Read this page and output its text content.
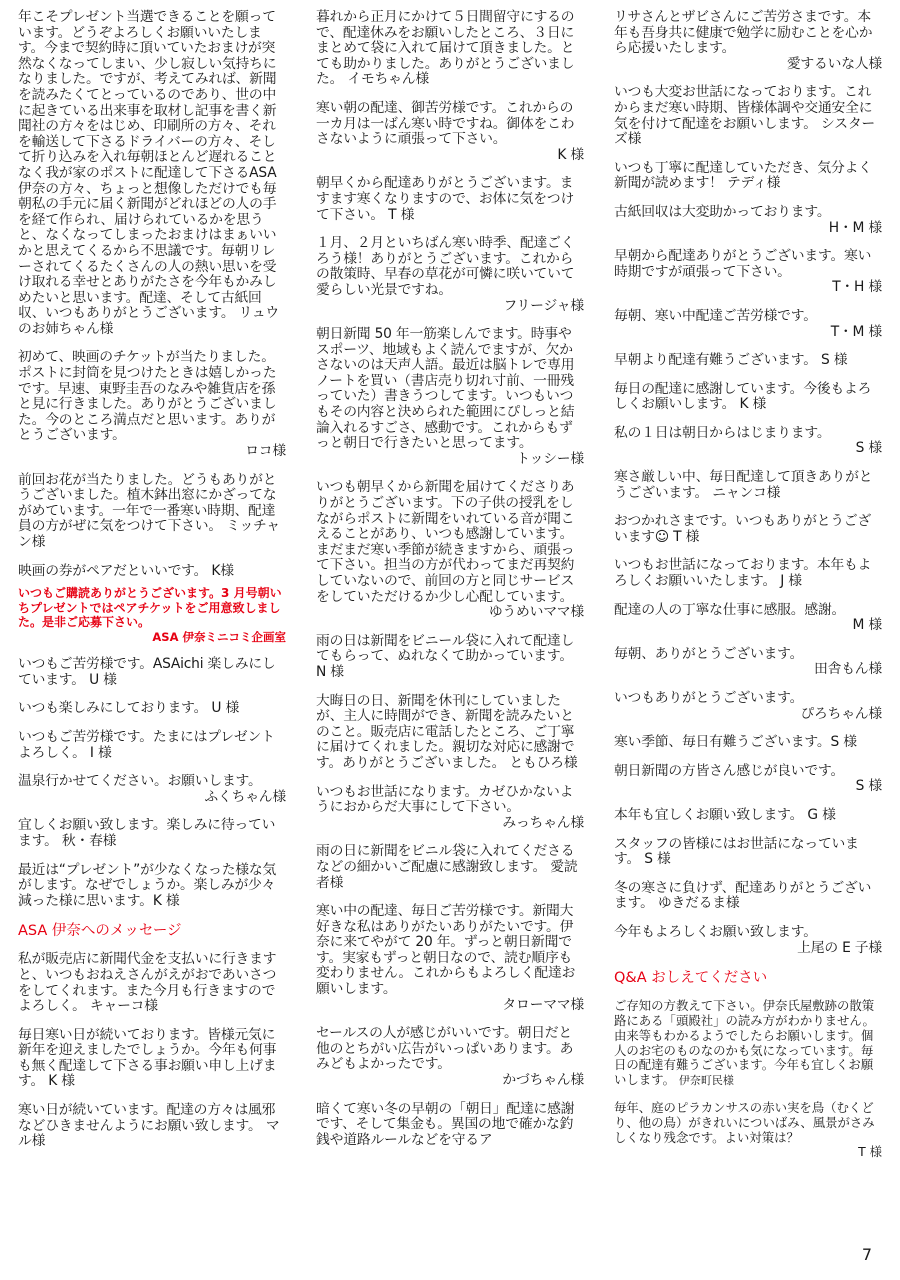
年こそプレゼント当選できることを願っています。どうぞよろしくお願いいたします。今まで契約時に頂いていたおまけが突然なくなってしまい、少し寂しい気持ちになりました。ですが、考えてみれば、新聞を読みたくてとっているのであり、世の中に起きている出来事を取材し記事を書く新聞社の方々をはじめ、印刷所の方々、それを輸送して下さるドライバーの方々、そして折り込みを入れ毎朝ほとんど遅れることなく我が家のポストに配達して下さるASA伊奈の方々、ちょっと想像しただけでも毎朝私の手元に届く新聞がどれほどの人の手を経て作られ、届けられているかを思うと、なくなってしまったおまけはまぁいいかと思えてくるから不思議です。毎朝リレーされてくるたくさんの人の熱い思いを受け取れる幸せとありがたさを今年もかみしめたいと思います。配達、そして古紙回収、いつもありがとうございます。 リュウのお姉ちゃん様
初めて、映画のチケットが当たりました。ポストに封筒を見つけたときは嬉しかったです。早速、東野圭吾のなみや雑貨店を孫と見に行きました。ありがとうございました。今のところ満点だと思います。ありがとうございます。
ロコ様
前回お花が当たりました。どうもありがとうございました。植木鉢出窓にかざってながめています。一年で一番寒い時期、配達員の方がぜに気をつけて下さい。 ミッチャン様
映画の券がペアだといいです。 K様
いつもご購読ありがとうございます。3 月号朝いちプレゼントではペアチケットをご用意致しました。是非ご応募下さい。
ASA 伊奈ミニコミ企画室
いつもご苦労様です。ASAichi 楽しみにしています。 U 様
いつも楽しみにしております。 U 様
いつもご苦労様です。たまにはプレゼントよろしく。 I 様
温泉行かせてください。お願いします。
ふくちゃん様
宜しくお願い致します。楽しみに待っています。 秋・春様
最近は“プレゼント”が少なくなった様な気がします。なぜでしょうか。楽しみが少々減った様に思います。K 様
ASA 伊奈へのメッセージ
私が販売店に新聞代金を支払いに行きますと、いつもおねえさんがえがおであいさつをしてくれます。また今月も行きますのでよろしく。 キャーコ様
毎日寒い日が続いております。皆様元気に新年を迎えましたでしょうか。今年も何事も無く配達して下さる事お願い申し上げます。 K 様
寒い日が続いています。配達の方々は風邪などひきませんようにお願い致します。 マル様
暮れから正月にかけて５日間留守にするので、配達休みをお願いしたところ、３日にまとめて袋に入れて届けて頂きました。とても助かりました。ありがとうございました。 イモちゃん様
寒い朝の配達、御苦労様です。これからの一カ月は一ばん寒い時ですね。御体をこわさないように頑張って下さい。
K 様
朝早くから配達ありがとうございます。ますます寒くなりますので、お体に気をつけて下さい。 T 様
１月、２月といちばん寒い時季、配達ごくろう様！ありがとうございます。これからの散策時、早春の草花が可憐に咲いていて愛らしい光景ですね。
フリージャ様
朝日新聞 50 年一筋楽しんでます。時事やスポーツ、地域もよく読んでますが、欠かさないのは天声人語。最近は脳トレで専用ノートを買い（書店売り切れ寸前、一冊残っていた）書きうつしてます。いつもいつもその内容と決められた範囲にぴしっと結論入れるすごさ、感動です。これからもずっと朝日で行きたいと思ってます。
トッシー様
いつも朝早くから新聞を届けてくださりありがとうございます。下の子供の授乳をしながらポストに新聞をいれている音が聞こえることがあり、いつも感謝しています。まだまだ寒い季節が続きますから、頑張って下さい。担当の方が代わってまだ再契約していないので、前回の方と同じサービスをしていただけるか少し心配しています。
ゆうめいママ様
雨の日は新聞をビニール袋に入れて配達してもらって、ぬれなくて助かっています。 N 様
大晦日の日、新聞を休刊にしていましたが、主人に時間ができ、新聞を読みたいとのこと。販売店に電話したところ、ご丁寧に届けてくれました。親切な対応に感謝です。ありがとうございました。 ともひろ様
いつもお世話になります。カゼひかないようにおからだ大事にして下さい。
みっちゃん様
雨の日に新聞をビニル袋に入れてくださるなどの細かいご配慮に感謝致します。 愛読者様
寒い中の配達、毎日ご苦労様です。新聞大好きな私はありがたいありがたいです。伊奈に来てやがて 20 年。ずっと朝日新聞です。実家もずっと朝日なので、読む順序も変わりません。これからもよろしく配達お願いします。
タローママ様
セールスの人が感じがいいです。朝日だと他のとちがい広告がいっぱいあります。あみどもよかったです。
かづちゃん様
暗くて寒い冬の早朝の「朝日」配達に感謝です、そして集金も。異国の地で確かな釣銭や道路ルールなどを守るア
リサさんとザビさんにご苦労さまです。本年も吾身共に健康で勉学に励むことを心から応援いたします。
愛するいな人様
いつも大変お世話になっております。これからまだ寒い時期、皆様体調や交通安全に気を付けて配達をお願いします。 シスターズ様
いつも丁寧に配達していただき、気分よく新聞が読めます！ テディ様
古紙回収は大変助かっております。
H・M 様
早朝から配達ありがとうございます。寒い時期ですが頑張って下さい。
T・H 様
毎朝、寒い中配達ご苦労様です。
T・M 様
早朝より配達有難うございます。 S 様
毎日の配達に感謝しています。今後もよろしくお願いします。 K 様
私の１日は朝日からはじまります。
S 様
寒さ厳しい中、毎日配達して頂きありがとうございます。 ニャンコ様
おつかれさまです。いつもありがとうございます☺ T 様
いつもお世話になっております。本年もよろしくお願いいたします。 J 様
配達の人の丁寧な仕事に感服。感謝。
M 様
毎朝、ありがとうございます。
田舎もん様
いつもありがとうございます。
ぴろちゃん様
寒い季節、毎日有難うございます。S 様
朝日新聞の方皆さん感じが良いです。
S 様
本年も宜しくお願い致します。 G 様
スタッフの皆様にはお世話になっています。 S 様
冬の寒さに負けず、配達ありがとうございます。 ゆきだるま様
今年もよろしくお願い致します。
上尾の E 子様
Q&A おしえてください
ご存知の方教えて下さい。伊奈氏屋敷跡の散策路にある「頭殿社」の読み方がわかりません。由来等もわかるようでしたらお願いします。個人のお宅のものなのかも気になっています。毎日の配達有難うございます。今年も宜しくお願いします。 伊奈町民様
毎年、庭のピラカンサスの赤い実を鳥（むくどり、他の鳥）がきれいについばみ、風景がさみしくなり残念です。よい対策は？
T 様
7
